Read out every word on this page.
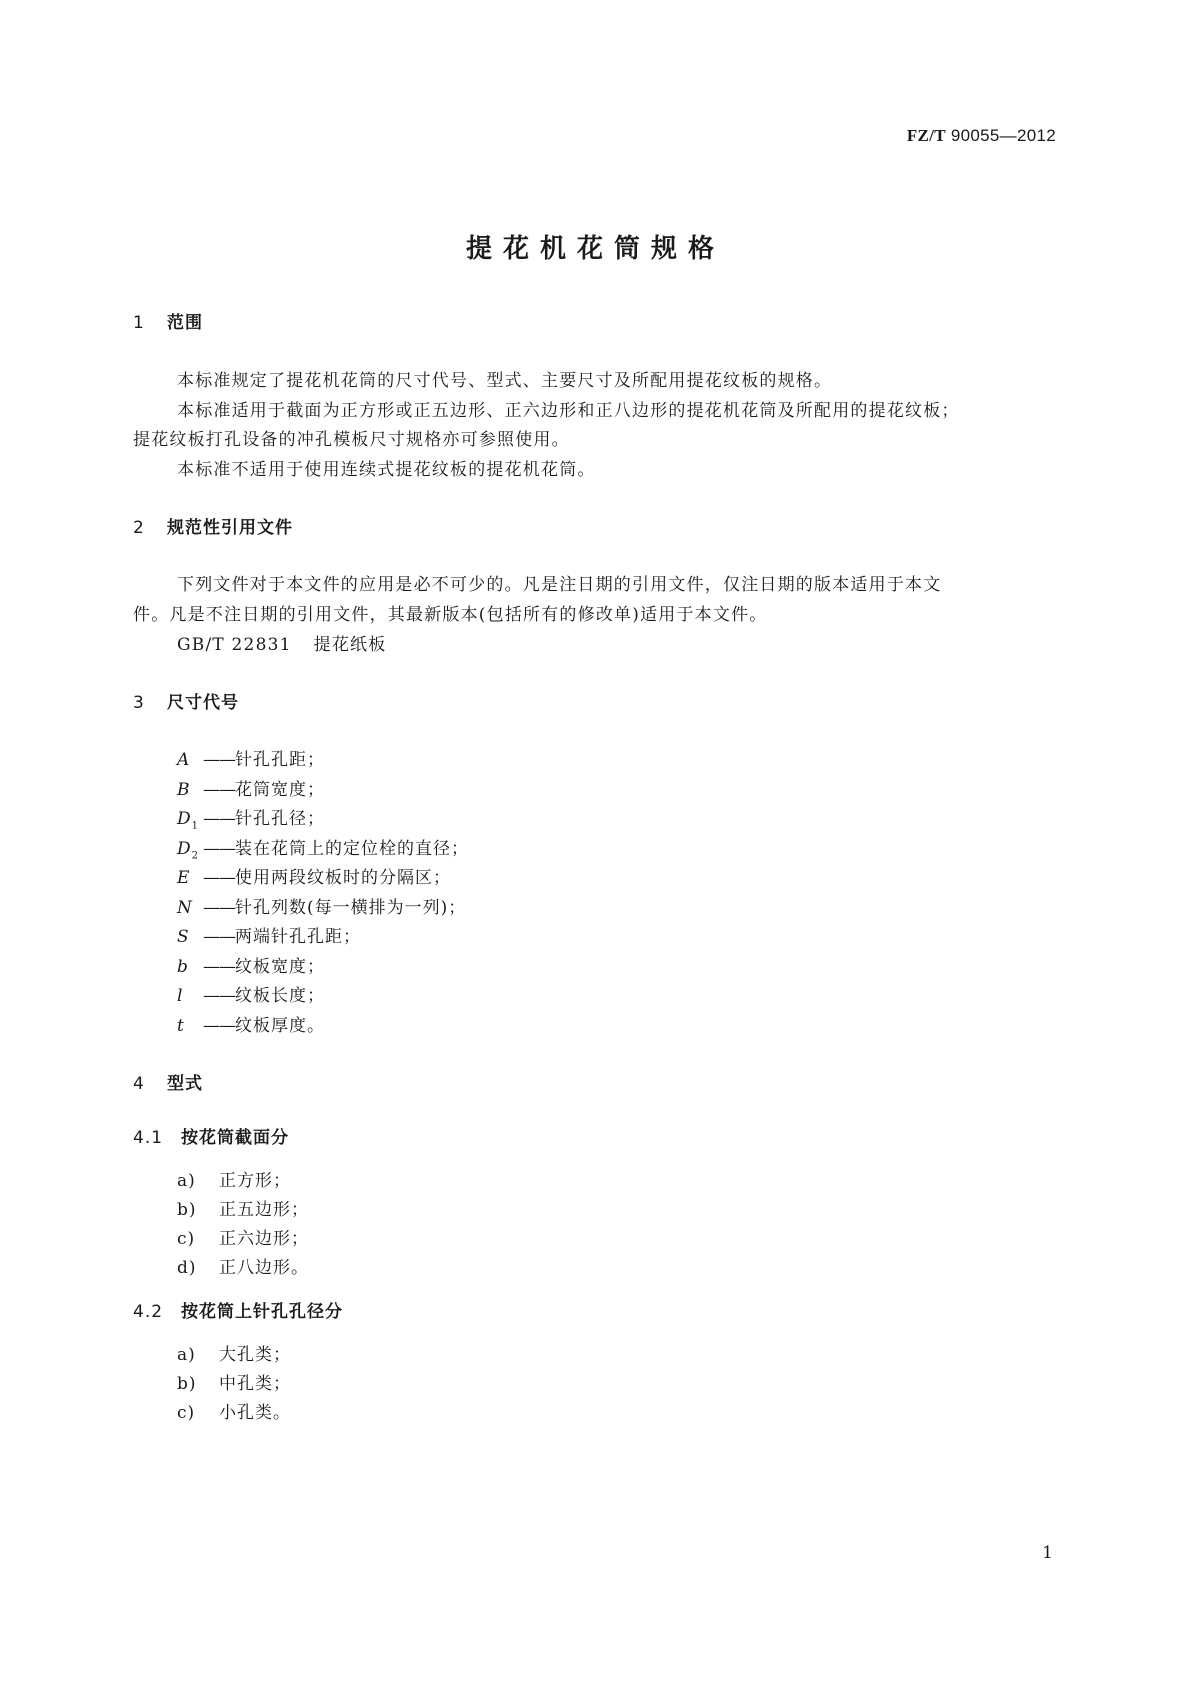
FZ/T 90055—2012
提花机花筒规格
1 范围
本标准规定了提花机花筒的尺寸代号、型式、主要尺寸及所配用提花纹板的规格。
本标准适用于截面为正方形或正五边形、正六边形和正八边形的提花机花筒及所配用的提花纹板；
提花纹板打孔设备的冲孔模板尺寸规格亦可参照使用。
本标准不适用于使用连续式提花纹板的提花机花筒。
2 规范性引用文件
下列文件对于本文件的应用是必不可少的。凡是注日期的引用文件，仅注日期的版本适用于本文
件。凡是不注日期的引用文件，其最新版本(包括所有的修改单)适用于本文件。
GB/T 22831 提花纸板
3 尺寸代号
A ——针孔孔距；
B ——花筒宽度；
$D_1$ ——针孔孔径；
$D_2$ ——装在花筒上的定位栓的直径；
E ——使用两段纹板时的分隔区；
N ——针孔列数(每一横排为一列)；
S ——两端针孔孔距；
b ——纹板宽度；
l ——纹板长度；
t ——纹板厚度。
4 型式
4.1 按花筒截面分
a) 正方形；
b) 正五边形；
c) 正六边形；
d) 正八边形。
4.2 按花筒上针孔孔径分
a) 大孔类；
b) 中孔类；
c) 小孔类。
1
